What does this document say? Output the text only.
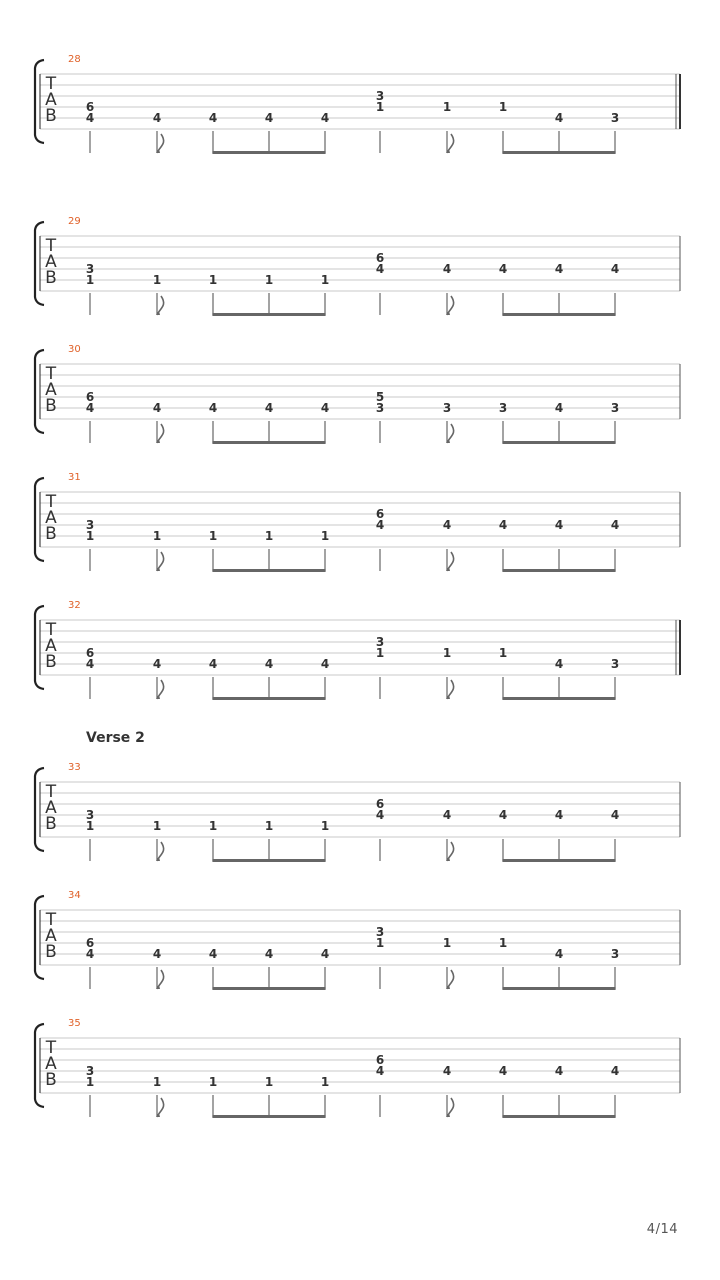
28
T
A
B 6
4	4	4	4	4
3
1	1	1
4	3
29
T
A
B 3
1	1	1	1	1
6
4	4	4	4	4
30
T
A
B 6
4	4	4	4	4
5
3	3	3	4	3
31
T
A
B 3
1	1	1	1	1
6
4	4	4	4	4
32
T
A
B 6
4	4	4	4	4
3
1	1	1
4	3
Verse 2
33
T
A
B 3
1	1	1	1	1
6
4	4	4	4	4
34
T
A
B 6
4	4	4	4	4
3
1	1	1
4	3
35
T
A
B 3
1	1	1	1	1
6
4	4	4	4	4
4/14
